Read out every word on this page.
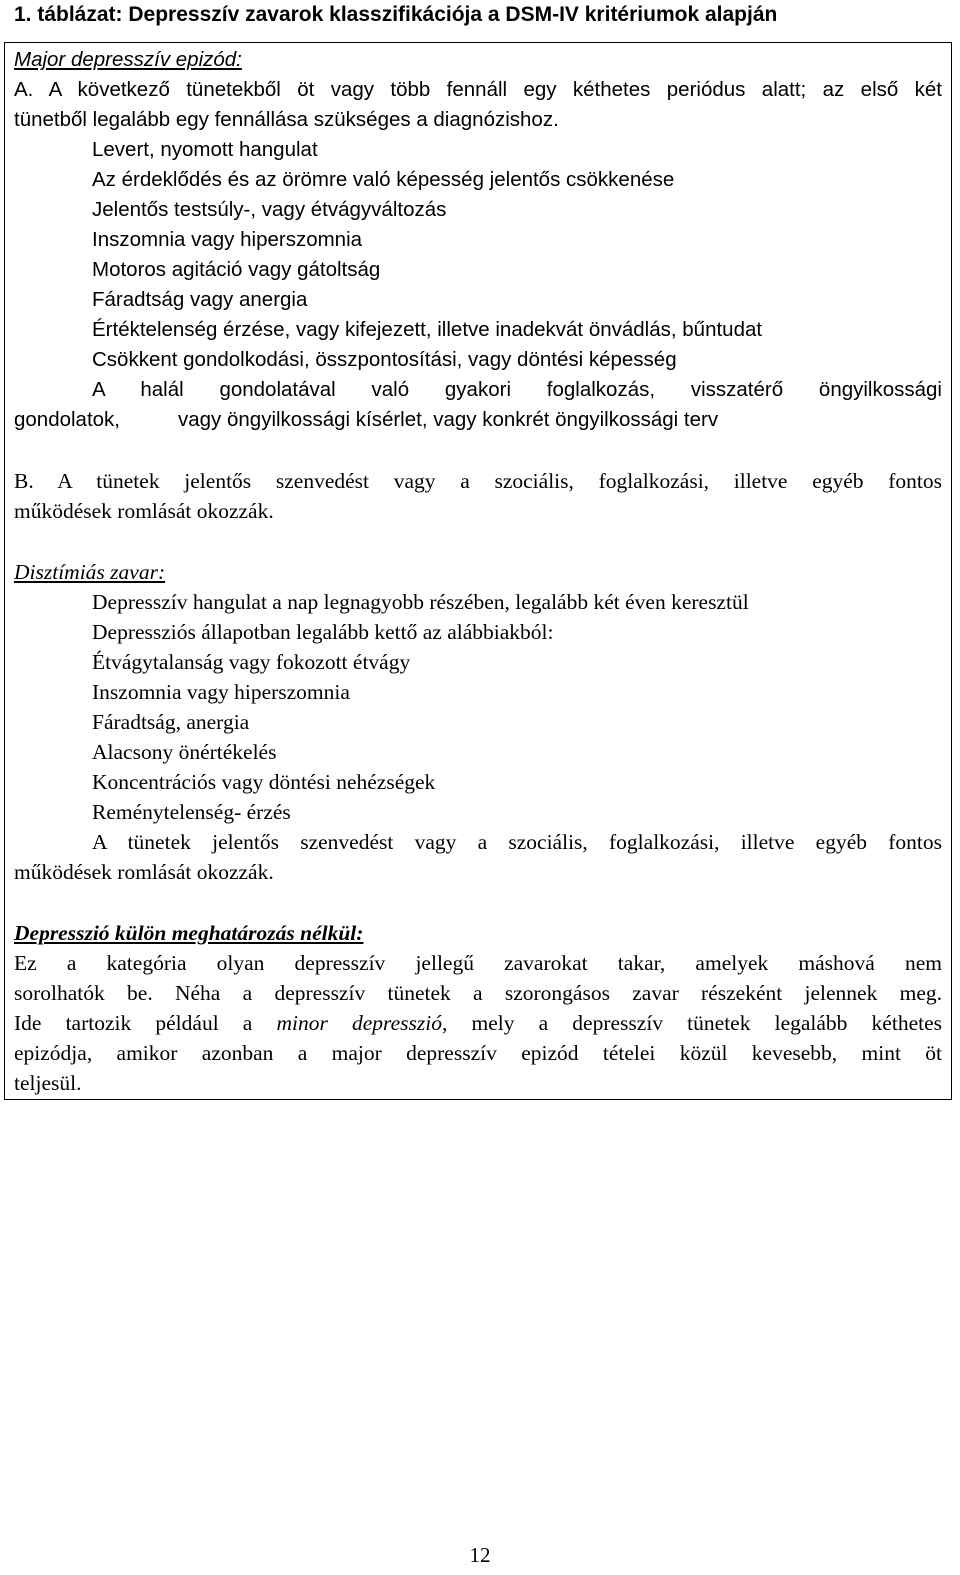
1. táblázat: Depresszív zavarok klasszifikációja a DSM-IV kritériumok alapján
Major depresszív epizód:
A. A következő tünetekből öt vagy több fennáll egy kéthetes periódus alatt; az első két
tünetből legalább egy fennállása szükséges a diagnózishoz.
Levert, nyomott hangulat
Az érdeklődés és az örömre való képesség jelentős csökkenése
Jelentős testsúly-, vagy étvágyváltozás
Inszomnia vagy hiperszomnia
Motoros agitáció vagy gátoltság
Fáradtság vagy anergia
Értéktelenség érzése, vagy kifejezett, illetve inadekvát önvádlás, bűntudat
Csökkent gondolkodási, összpontosítási, vagy döntési képesség
A halál gondolatával való gyakori foglalkozás, visszatérő öngyilkossági
gondolatok,	vagy öngyilkossági kísérlet, vagy konkrét öngyilkossági terv
B. A tünetek jelentős szenvedést vagy a szociális, foglalkozási, illetve egyéb fontos
működések romlását okozzák.
Disztímiás zavar:
Depresszív hangulat a nap legnagyobb részében, legalább két éven keresztül
Depressziós állapotban legalább kettő az alábbiakból:
Étvágytalanság vagy fokozott étvágy
Inszomnia vagy hiperszomnia
Fáradtság, anergia
Alacsony önértékelés
Koncentrációs vagy döntési nehézségek
Reménytelenség- érzés
A tünetek jelentős szenvedést vagy a szociális, foglalkozási, illetve egyéb fontos
működések romlását okozzák.
Depresszió külön meghatározás nélkül:
Ez a kategória olyan depresszív jellegű zavarokat takar, amelyek máshová nem
sorolhatók be. Néha a depresszív tünetek a szorongásos zavar részeként jelennek meg.
Ide tartozik például a minor depresszió, mely a depresszív tünetek legalább kéthetes
epizódja, amikor azonban a major depresszív epizód tételei közül kevesebb, mint öt
teljesül.
12
